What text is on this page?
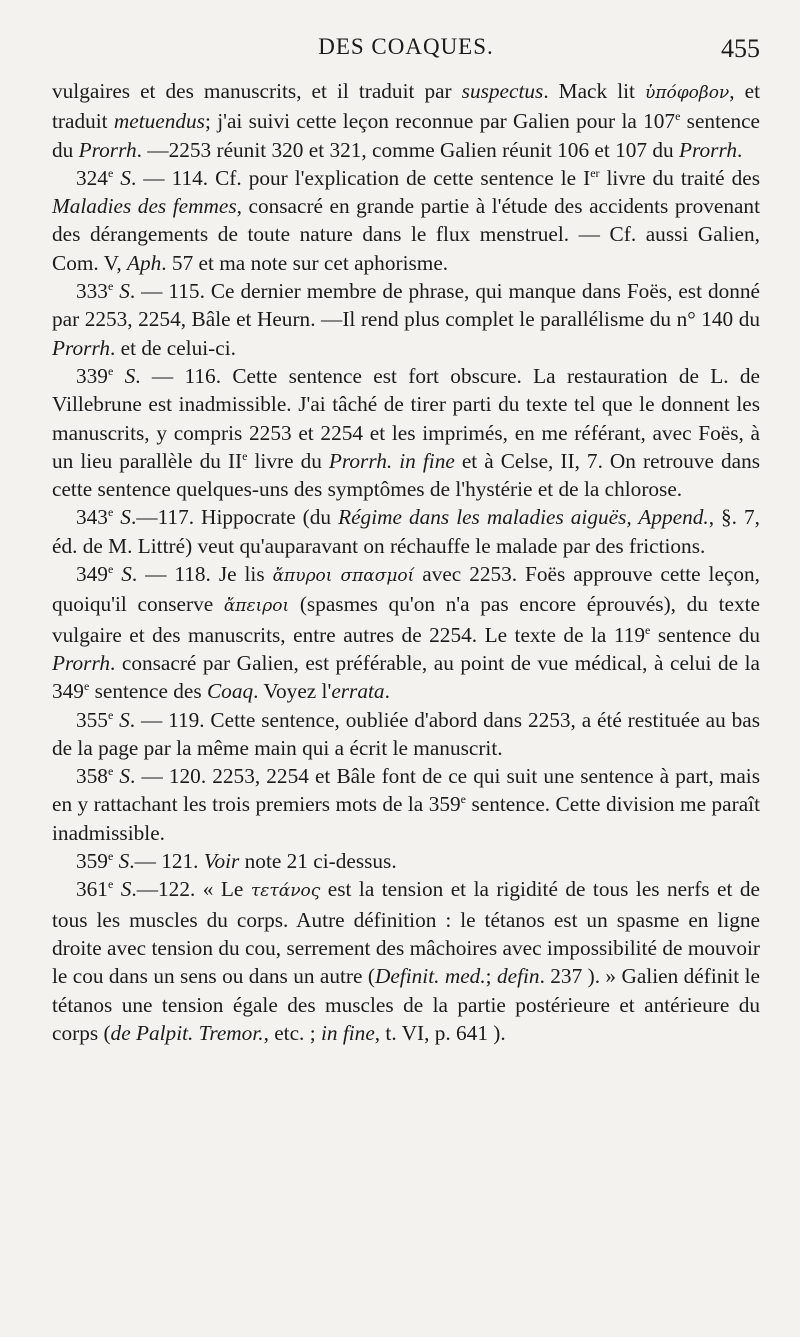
DES COAQUES.	455

vulgaires et des manuscrits, et il traduit par suspectus. Mack lit ὑπόφοβον, et traduit metuendus; j'ai suivi cette leçon reconnue par Galien pour la 107e sentence du Prorrh. —2253 réunit 320 et 321, comme Galien réunit 106 et 107 du Prorrh.

324e S. — 114. Cf. pour l'explication de cette sentence le Ier livre du traité des Maladies des femmes, consacré en grande partie à l'étude des accidents provenant des dérangements de toute nature dans le flux menstruel. — Cf. aussi Galien, Com. V, Aph. 57 et ma note sur cet aphorisme.

333e S. — 115. Ce dernier membre de phrase, qui manque dans Foës, est donné par 2253, 2254, Bâle et Heurn. —Il rend plus complet le parallélisme du n° 140 du Prorrh. et de celui-ci.

339e S. — 116. Cette sentence est fort obscure. La restauration de L. de Villebrune est inadmissible. J'ai tâché de tirer parti du texte tel que le donnent les manuscrits, y compris 2253 et 2254 et les imprimés, en me référant, avec Foës, à un lieu parallèle du IIe livre du Prorrh. in fine et à Celse, II, 7. On retrouve dans cette sentence quelques-uns des symptômes de l'hystérie et de la chlorose.

343e S.—117. Hippocrate (du Régime dans les maladies aiguës, Append., §. 7, éd. de M. Littré) veut qu'auparavant on réchauffe le malade par des frictions.

349e S. — 118. Je lis ἄπυροι σπασμοί avec 2253. Foës approuve cette leçon, quoiqu'il conserve ἄπειροι (spasmes qu'on n'a pas encore éprouvés), du texte vulgaire et des manuscrits, entre autres de 2254. Le texte de la 119e sentence du Prorrh. consacré par Galien, est préférable, au point de vue médical, à celui de la 349e sentence des Coaq. Voyez l'errata.

355e S. — 119. Cette sentence, oubliée d'abord dans 2253, a été restituée au bas de la page par la même main qui a écrit le manuscrit.

358e S. — 120. 2253, 2254 et Bâle font de ce qui suit une sentence à part, mais en y rattachant les trois premiers mots de la 359e sentence. Cette division me paraît inadmissible.

359e S.— 121. Voir note 21 ci-dessus.

361e S.—122. « Le τετάνος est la tension et la rigidité de tous les nerfs et de tous les muscles du corps. Autre définition : le tétanos est un spasme en ligne droite avec tension du cou, serrement des mâchoires avec impossibilité de mouvoir le cou dans un sens ou dans un autre (Definit. med.; defin. 237 ). » Galien définit le tétanos une tension égale des muscles de la partie postérieure et antérieure du corps (de Palpit. Tremor., etc. ; in fine, t. VI, p. 641 ).
